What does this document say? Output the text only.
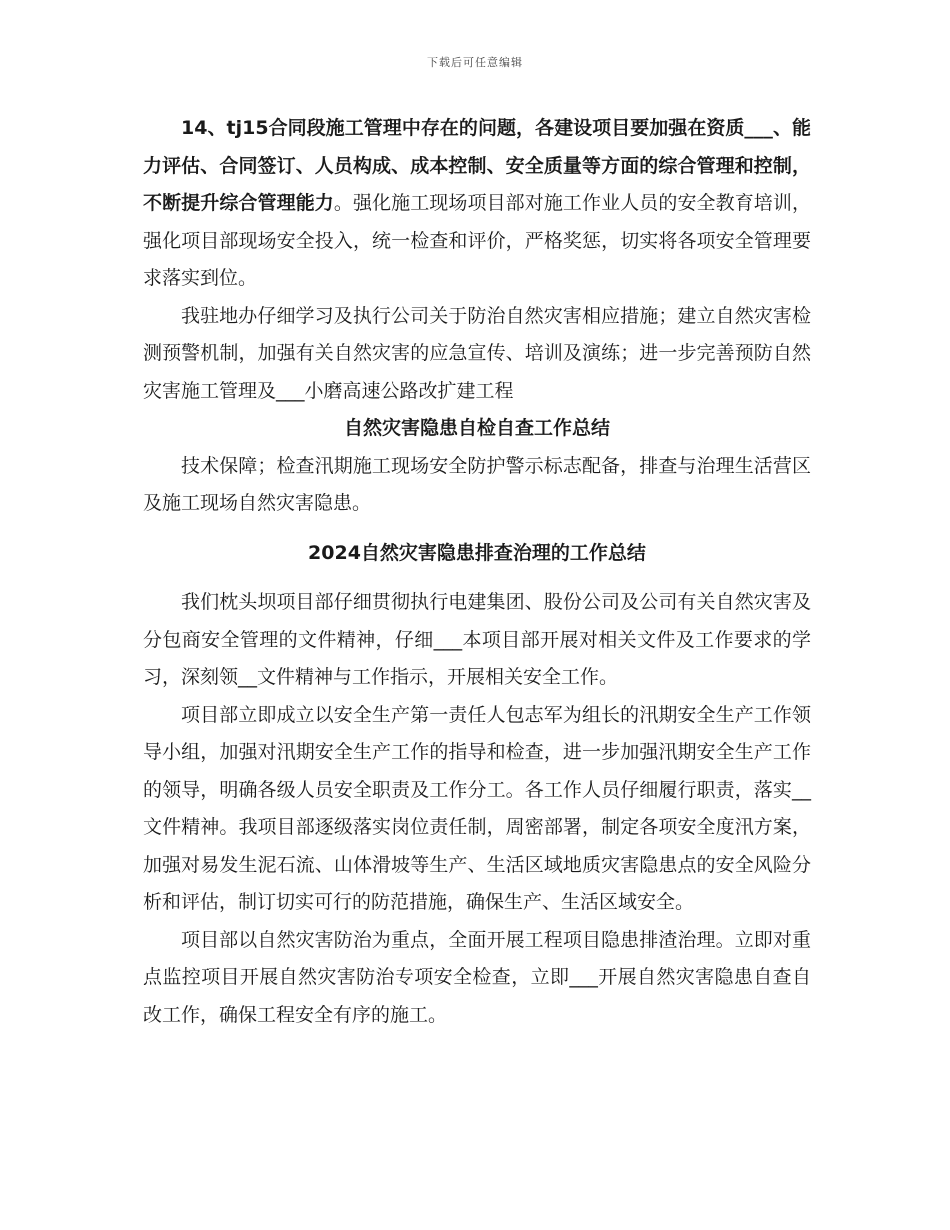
下载后可任意编辑

14、tj15合同段施工管理中存在的问题，各建设项目要加强在资质___、能力评估、合同签订、人员构成、成本控制、安全质量等方面的综合管理和控制，不断提升综合管理能力。强化施工现场项目部对施工作业人员的安全教育培训，强化项目部现场安全投入，统一检查和评价，严格奖惩，切实将各项安全管理要求落实到位。

我驻地办仔细学习及执行公司关于防治自然灾害相应措施；建立自然灾害检测预警机制，加强有关自然灾害的应急宣传、培训及演练；进一步完善预防自然灾害施工管理及___小磨高速公路改扩建工程

自然灾害隐患自检自查工作总结

技术保障；检查汛期施工现场安全防护警示标志配备，排查与治理生活营区及施工现场自然灾害隐患。

2024自然灾害隐患排查治理的工作总结

我们枕头坝项目部仔细贯彻执行电建集团、股份公司及公司有关自然灾害及分包商安全管理的文件精神，仔细___本项目部开展对相关文件及工作要求的学习，深刻领__文件精神与工作指示，开展相关安全工作。

项目部立即成立以安全生产第一责任人包志军为组长的汛期安全生产工作领导小组，加强对汛期安全生产工作的指导和检查，进一步加强汛期安全生产工作的领导，明确各级人员安全职责及工作分工。各工作人员仔细履行职责，落实__文件精神。我项目部逐级落实岗位责任制，周密部署，制定各项安全度汛方案，加强对易发生泥石流、山体滑坡等生产、生活区域地质灾害隐患点的安全风险分析和评估，制订切实可行的防范措施，确保生产、生活区域安全。

项目部以自然灾害防治为重点，全面开展工程项目隐患排渣治理。立即对重点监控项目开展自然灾害防治专项安全检查，立即___开展自然灾害隐患自查自改工作，确保工程安全有序的施工。
